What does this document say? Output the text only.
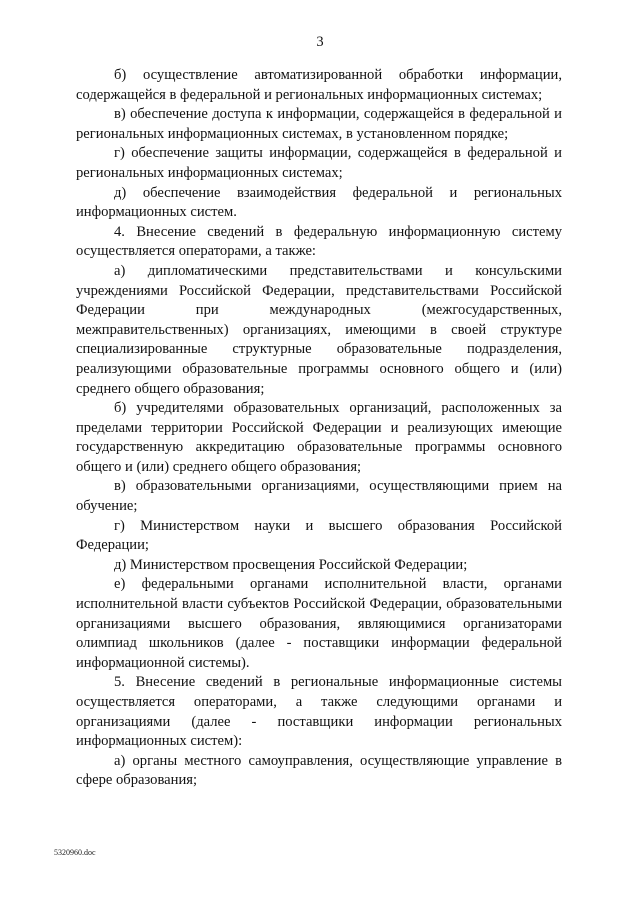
3

б) осуществление автоматизированной обработки информации, содержащейся в федеральной и региональных информационных системах;

в) обеспечение доступа к информации, содержащейся в федеральной и региональных информационных системах, в установленном порядке;

г) обеспечение защиты информации, содержащейся в федеральной и региональных информационных системах;

д) обеспечение взаимодействия федеральной и региональных информационных систем.

4. Внесение сведений в федеральную информационную систему осуществляется операторами, а также:

а) дипломатическими представительствами и консульскими учреждениями Российской Федерации, представительствами Российской Федерации при международных (межгосударственных, межправительственных) организациях, имеющими в своей структуре специализированные структурные образовательные подразделения, реализующими образовательные программы основного общего и (или) среднего общего образования;

б) учредителями образовательных организаций, расположенных за пределами территории Российской Федерации и реализующих имеющие государственную аккредитацию образовательные программы основного общего и (или) среднего общего образования;

в) образовательными организациями, осуществляющими прием на обучение;

г) Министерством науки и высшего образования Российской Федерации;

д) Министерством просвещения Российской Федерации;

е) федеральными органами исполнительной власти, органами исполнительной власти субъектов Российской Федерации, образовательными организациями высшего образования, являющимися организаторами олимпиад школьников (далее - поставщики информации федеральной информационной системы).

5. Внесение сведений в региональные информационные системы осуществляется операторами, а также следующими органами и организациями (далее - поставщики информации региональных информационных систем):

а) органы местного самоуправления, осуществляющие управление в сфере образования;

5320960.doc
